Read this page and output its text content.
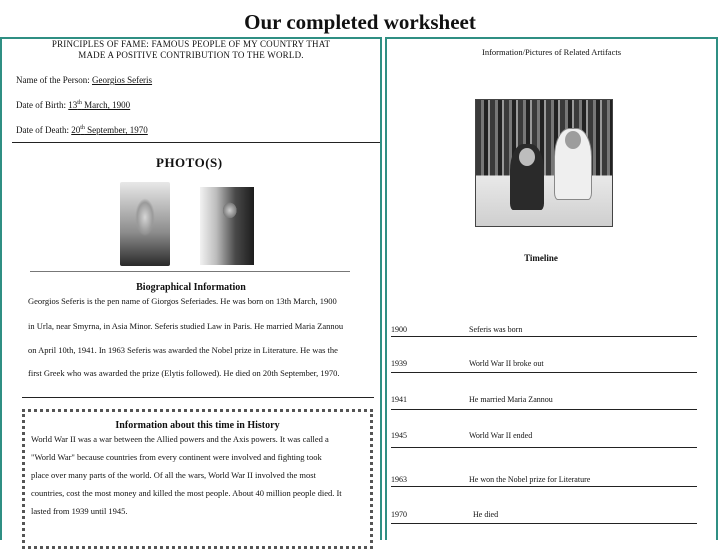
Our completed worksheet
PRINCIPLES OF FAME: FAMOUS PEOPLE OF MY COUNTRY THAT
MADE A POSITIVE CONTRIBUTION TO THE WORLD.
Name of the Person: Georgios Seferis
Date of Birth: 13th March, 1900
Date of Death: 20th September, 1970
PHOTO(S)
Biographical Information
Georgios Seferis is the pen name of Giorgos Seferiades. He was born on 13th March, 1900
in Urla, near Smyrna, in Asia Minor. Seferis studied Law in Paris. He married Maria Zannou
on April 10th, 1941. In 1963 Seferis was awarded the Nobel prize in Literature. He was the
first Greek who was awarded the prize (Elytis followed). He died on 20th September, 1970.
Information about this time in History
World War II was a war between the Allied powers and the Axis powers. It was called a
"World War" because countries from every continent were involved and fighting took
place over many parts of the world. Of all the wars, World War II involved the most
countries, cost the most money and killed the most people. About 40 million people died. It
lasted from 1939 until 1945.
Information/Pictures of Related Artifacts
Timeline
1900	Seferis was born
1939	World War II broke out
1941	He married Maria Zannou
1945	World War II ended
1963	He won the Nobel prize for Literature
1970	He died
